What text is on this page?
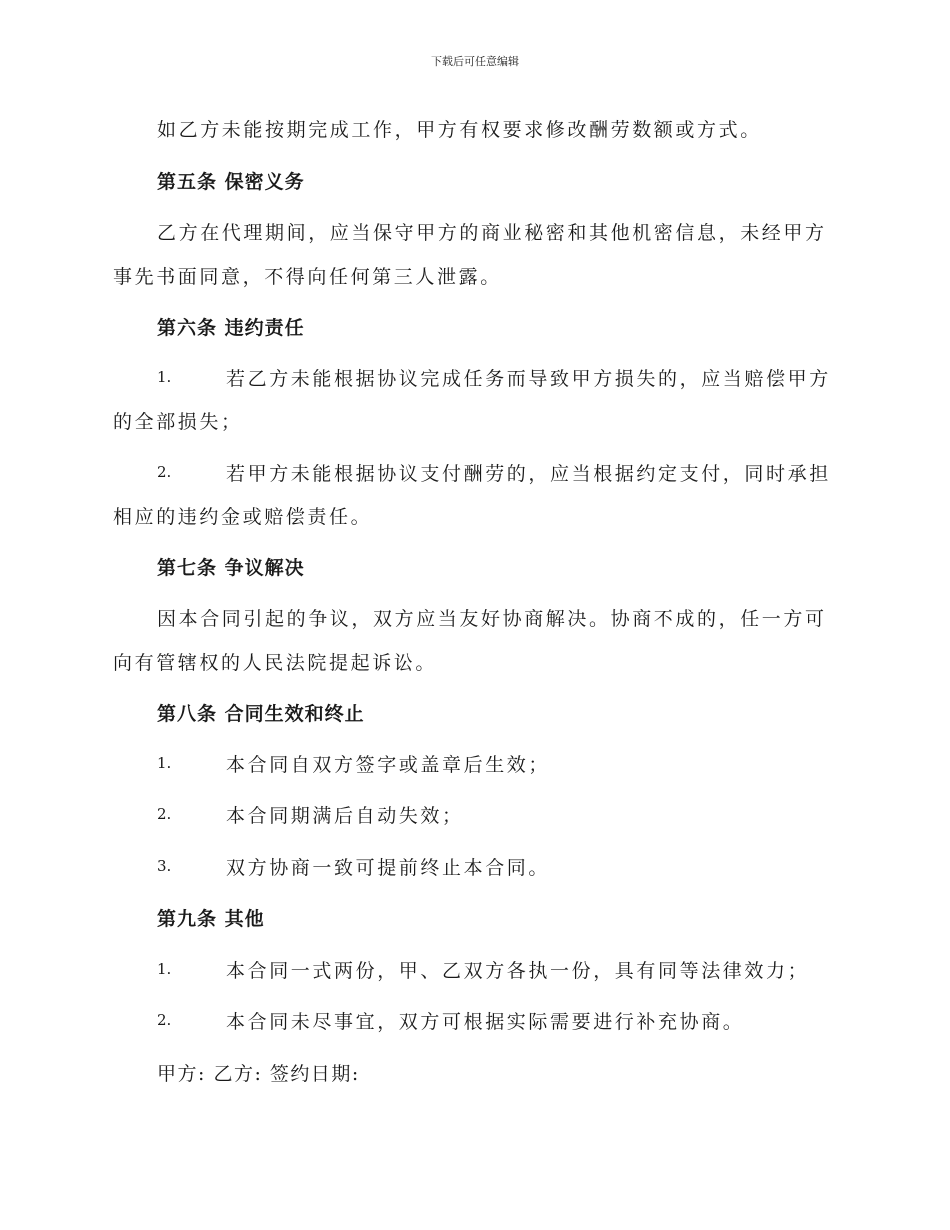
下载后可任意编辑
如乙方未能按期完成工作，甲方有权要求修改酬劳数额或方式。
第五条 保密义务
乙方在代理期间，应当保守甲方的商业秘密和其他机密信息，未经甲方
事先书面同意，不得向任何第三人泄露。
第六条 违约责任
1.	若乙方未能根据协议完成任务而导致甲方损失的，应当赔偿甲方
的全部损失；
2.	若甲方未能根据协议支付酬劳的，应当根据约定支付，同时承担
相应的违约金或赔偿责任。
第七条 争议解决
因本合同引起的争议，双方应当友好协商解决。协商不成的，任一方可
向有管辖权的人民法院提起诉讼。
第八条 合同生效和终止
1.	本合同自双方签字或盖章后生效；
2.	本合同期满后自动失效；
3.	双方协商一致可提前终止本合同。
第九条 其他
1.	本合同一式两份，甲、乙双方各执一份，具有同等法律效力；
2.	本合同未尽事宜，双方可根据实际需要进行补充协商。
甲方: 乙方: 签约日期:
